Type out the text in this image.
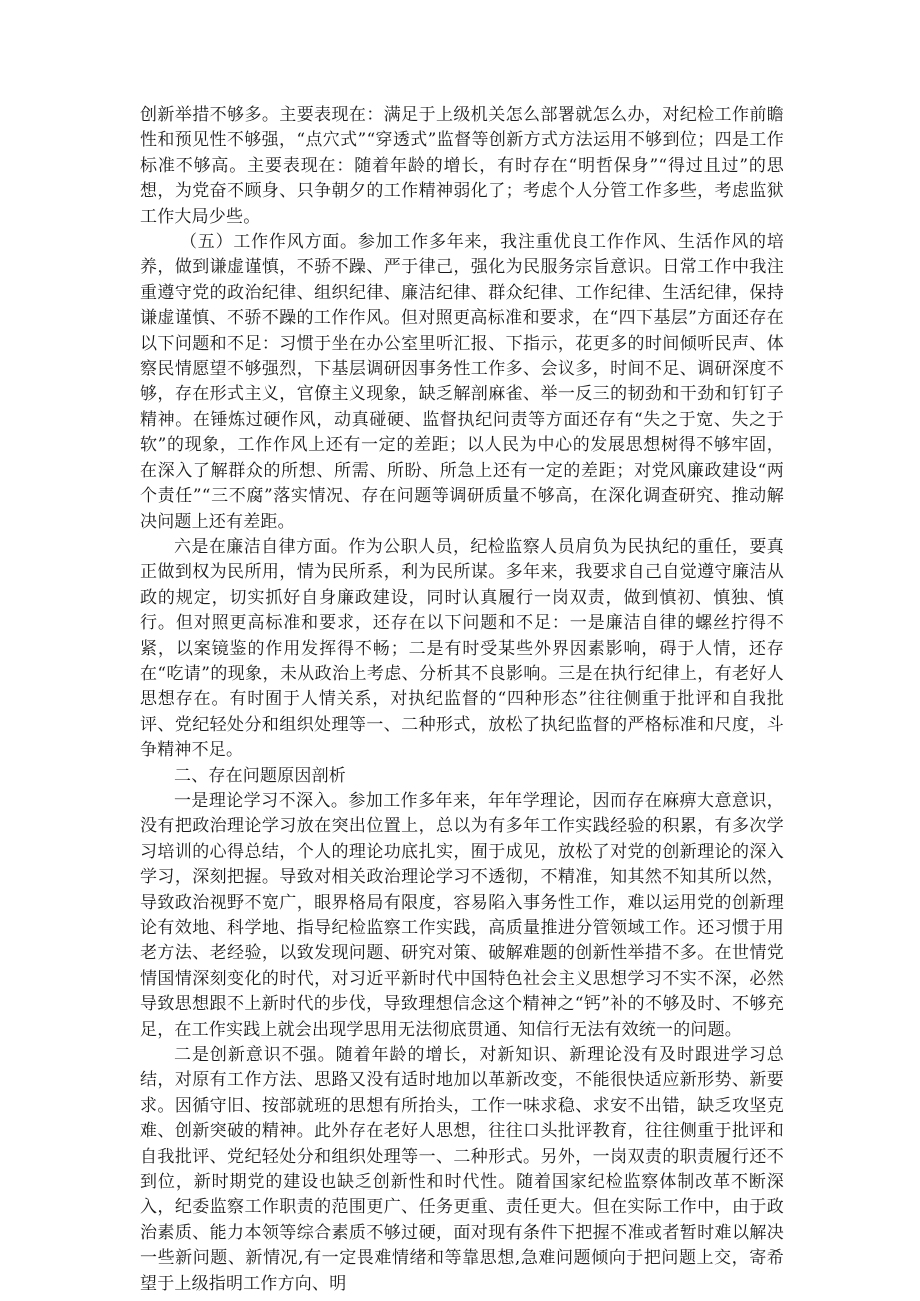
创新举措不够多。主要表现在：满足于上级机关怎么部署就怎么办，对纪检工作前瞻性和预见性不够强，“点穴式”“穿透式”监督等创新方式方法运用不够到位；四是工作标准不够高。主要表现在：随着年龄的增长，有时存在“明哲保身”“得过且过”的思想，为党奋不顾身、只争朝夕的工作精神弱化了；考虑个人分管工作多些，考虑监狱工作大局少些。

（五）工作作风方面。参加工作多年来，我注重优良工作作风、生活作风的培养，做到谦虚谨慎，不骄不躁、严于律己，强化为民服务宗旨意识。日常工作中我注重遵守党的政治纪律、组织纪律、廉洁纪律、群众纪律、工作纪律、生活纪律，保持谦虚谨慎、不骄不躁的工作作风。但对照更高标准和要求，在“四下基层”方面还存在以下问题和不足：习惯于坐在办公室里听汇报、下指示，花更多的时间倾听民声、体察民情愿望不够强烈，下基层调研因事务性工作多、会议多，时间不足、调研深度不够，存在形式主义，官僚主义现象，缺乏解剖麻雀、举一反三的韧劲和干劲和钉钉子精神。在锤炼过硬作风，动真碰硬、监督执纪问责等方面还存有“失之于宽、失之于软”的现象，工作作风上还有一定的差距；以人民为中心的发展思想树得不够牢固，在深入了解群众的所想、所需、所盼、所急上还有一定的差距；对党风廉政建设“两个责任”“三不腐”落实情况、存在问题等调研质量不够高，在深化调查研究、推动解决问题上还有差距。

六是在廉洁自律方面。作为公职人员，纪检监察人员肩负为民执纪的重任，要真正做到权为民所用，情为民所系，利为民所谋。多年来，我要求自己自觉遵守廉洁从政的规定，切实抓好自身廉政建设，同时认真履行一岗双责，做到慎初、慎独、慎行。但对照更高标准和要求，还存在以下问题和不足：一是廉洁自律的螺丝拧得不紧，以案镜鉴的作用发挥得不畅；二是有时受某些外界因素影响，碍于人情，还存在“吃请”的现象，未从政治上考虑、分析其不良影响。三是在执行纪律上，有老好人思想存在。有时囿于人情关系，对执纪监督的“四种形态”往往侧重于批评和自我批评、党纪轻处分和组织处理等一、二种形式，放松了执纪监督的严格标准和尺度，斗争精神不足。

二、存在问题原因剖析

一是理论学习不深入。参加工作多年来，年年学理论，因而存在麻痹大意意识，没有把政治理论学习放在突出位置上，总以为有多年工作实践经验的积累，有多次学习培训的心得总结，个人的理论功底扎实，囿于成见，放松了对党的创新理论的深入学习，深刻把握。导致对相关政治理论学习不透彻，不精准，知其然不知其所以然，导致政治视野不宽广，眼界格局有限度，容易陷入事务性工作，难以运用党的创新理论有效地、科学地、指导纪检监察工作实践，高质量推进分管领域工作。还习惯于用老方法、老经验，以致发现问题、研究对策、破解难题的创新性举措不多。在世情党情国情深刻变化的时代，对习近平新时代中国特色社会主义思想学习不实不深，必然导致思想跟不上新时代的步伐，导致理想信念这个精神之“钙”补的不够及时、不够充足，在工作实践上就会出现学思用无法彻底贯通、知信行无法有效统一的问题。

二是创新意识不强。随着年龄的增长，对新知识、新理论没有及时跟进学习总结，对原有工作方法、思路又没有适时地加以革新改变，不能很快适应新形势、新要求。因循守旧、按部就班的思想有所抬头，工作一味求稳、求安不出错，缺乏攻坚克难、创新突破的精神。此外存在老好人思想，往往口头批评教育，往往侧重于批评和自我批评、党纪轻处分和组织处理等一、二种形式。另外，一岗双责的职责履行还不到位，新时期党的建设也缺乏创新性和时代性。随着国家纪检监察体制改革不断深入，纪委监察工作职责的范围更广、任务更重、责任更大。但在实际工作中，由于政治素质、能力本领等综合素质不够过硬，面对现有条件下把握不准或者暂时难以解决一些新问题、新情况,有一定畏难情绪和等靠思想,急难问题倾向于把问题上交，寄希望于上级指明工作方向、明
